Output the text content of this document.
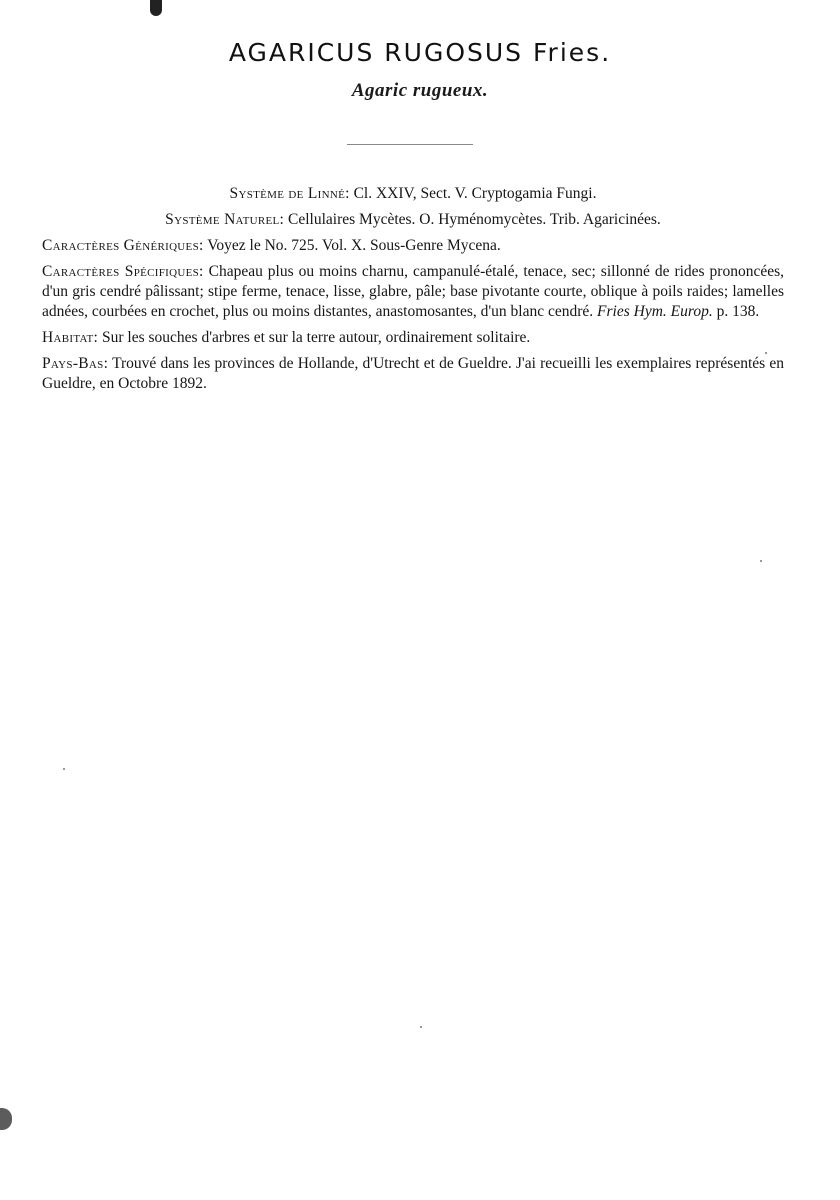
AGARICUS RUGOSUS Fries.
Agaric rugueux.

Système de Linné: Cl. XXIV, Sect. V. Cryptogamia Fungi.

Système Naturel: Cellulaires Mycètes. O. Hyménomycètes. Trib. Agaricinées.

Caractères Génériques: Voyez le No. 725. Vol. X. Sous-Genre Mycena.

Caractères Spécifiques: Chapeau plus ou moins charnu, campanulé-étalé, tenace, sec; sillonné de rides prononcées, d'un gris cendré pâlissant; stipe ferme, tenace, lisse, glabre, pâle; base pivotante courte, oblique à poils raides; lamelles adnées, courbées en crochet, plus ou moins distantes, anastomosantes, d'un blanc cendré. Fries Hym. Europ. p. 138.

Habitat: Sur les souches d'arbres et sur la terre autour, ordinairement solitaire.

Pays-Bas: Trouvé dans les provinces de Hollande, d'Utrecht et de Gueldre. J'ai recueilli les exemplaires représentés en Gueldre, en Octobre 1892.
